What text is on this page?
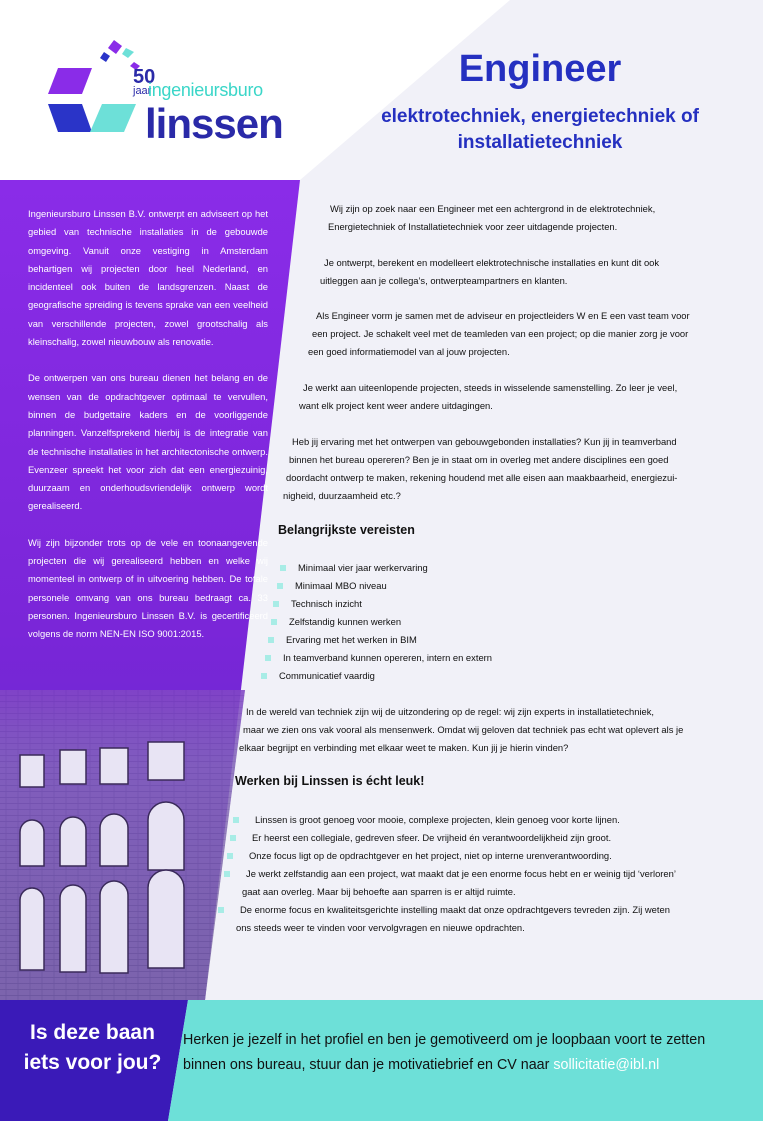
50
jaar
ingenieursburo
linssen
Engineer
elektrotechniek, energietechniek of
installatietechniek

Ingenieursburo Linssen B.V. ontwerpt en adviseert op het gebied van technische installaties in de gebouwde omgeving. Vanuit onze vestiging in Amsterdam behartigen wij projecten door heel Nederland, en incidenteel ook buiten de landsgrenzen. Naast de geografische spreiding is tevens sprake van een veelheid van verschillende projecten, zowel grootschalig als kleinschalig, zowel nieuwbouw als renovatie.

De ontwerpen van ons bureau dienen het belang en de wensen van de opdrachtgever optimaal te vervullen, binnen de budgettaire kaders en de voorliggende planningen. Vanzelfsprekend hierbij is de integratie van de technische installaties in het architectonische ontwerp. Evenzeer spreekt het voor zich dat een energiezuinig, duurzaam en onderhoudsvriendelijk ontwerp wordt gerealiseerd.

Wij zijn bijzonder trots op de vele en toonaangevende projecten die wij gerealiseerd hebben en welke wij momenteel in ontwerp of in uitvoering hebben. De totale personele omvang van ons bureau bedraagt ca. 33 personen. Ingenieursburo Linssen B.V. is gecertificeerd volgens de norm NEN-EN ISO 9001:2015.

Wij zijn op zoek naar een Engineer met een achtergrond in de elektrotechniek,
Energietechniek of Installatietechniek voor zeer uitdagende projecten.
Je ontwerpt, berekent en modelleert elektrotechnische installaties en kunt dit ook
uitleggen aan je collega’s, ontwerpteampartners en klanten.
Als Engineer vorm je samen met de adviseur en projectleiders W en E een vast team voor
een project. Je schakelt veel met de teamleden van een project; op die manier zorg je voor
een goed informatiemodel van al jouw projecten.
Je werkt aan uiteenlopende projecten, steeds in wisselende samenstelling. Zo leer je veel,
want elk project kent weer andere uitdagingen.
Heb jij ervaring met het ontwerpen van gebouwgebonden installaties? Kun jij in teamverband
binnen het bureau opereren? Ben je in staat om in overleg met andere disciplines een goed
doordacht ontwerp te maken, rekening houdend met alle eisen aan maakbaarheid, energiezui-
nigheid, duurzaamheid etc.?
Belangrijkste vereisten
Minimaal vier jaar werkervaring
Minimaal MBO niveau
Technisch inzicht
Zelfstandig kunnen werken
Ervaring met het werken in BIM
In teamverband kunnen opereren, intern en extern
Communicatief vaardig
In de wereld van techniek zijn wij de uitzondering op de regel: wij zijn experts in installatietechniek,
maar we zien ons vak vooral als mensenwerk. Omdat wij geloven dat techniek pas echt wat oplevert als je
elkaar begrijpt en verbinding met elkaar weet te maken. Kun jij je hierin vinden?
Werken bij Linssen is écht leuk!
Linssen is groot genoeg voor mooie, complexe projecten, klein genoeg voor korte lijnen.
Er heerst een collegiale, gedreven sfeer. De vrijheid én verantwoordelijkheid zijn groot.
Onze focus ligt op de opdrachtgever en het project, niet op interne urenverantwoording.
Je werkt zelfstandig aan een project, wat maakt dat je een enorme focus hebt en er weinig tijd ‘verloren’
gaat aan overleg. Maar bij behoefte aan sparren is er altijd ruimte.
De enorme focus en kwaliteitsgerichte instelling maakt dat onze opdrachtgevers tevreden zijn. Zij weten
ons steeds weer te vinden voor vervolgvragen en nieuwe opdrachten.
Is deze baan
iets voor jou?
Herken je jezelf in het profiel en ben je gemotiveerd om je loopbaan voort te zetten
binnen ons bureau, stuur dan je motivatiebrief en CV naar sollicitatie@ibl.nl
